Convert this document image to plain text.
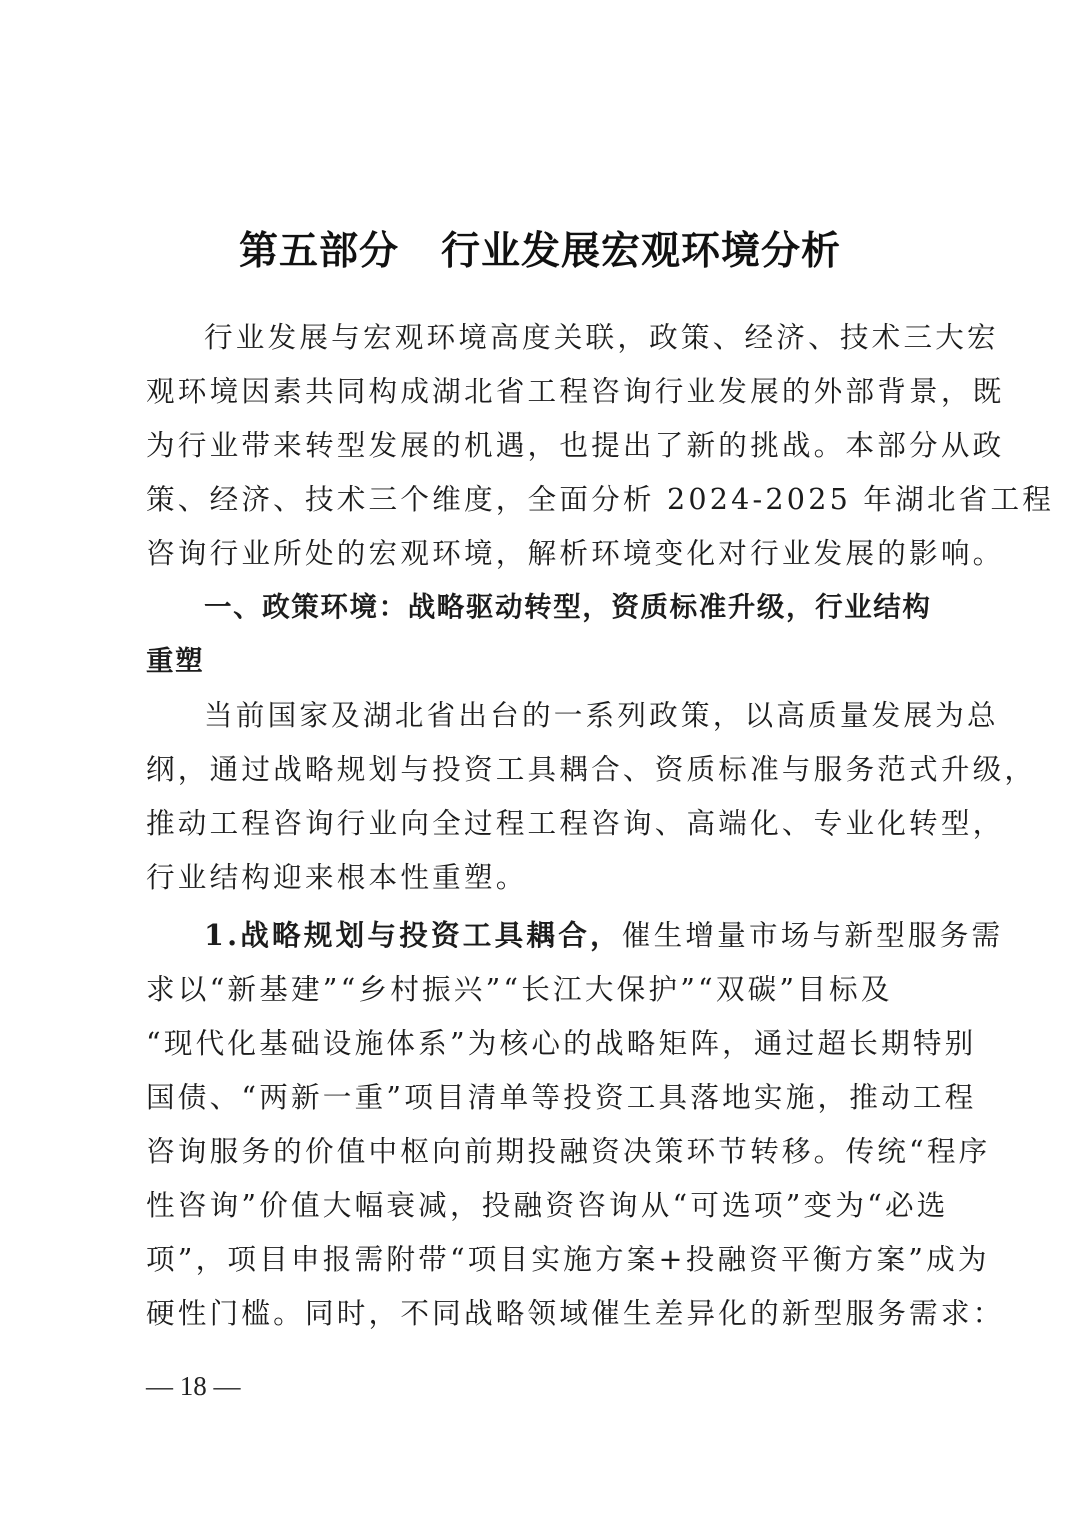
第五部分 行业发展宏观环境分析
行业发展与宏观环境高度关联，政策、经济、技术三大宏
观环境因素共同构成湖北省工程咨询行业发展的外部背景，既
为行业带来转型发展的机遇，也提出了新的挑战。本部分从政
策、经济、技术三个维度，全面分析 2024-2025 年湖北省工程
咨询行业所处的宏观环境，解析环境变化对行业发展的影响。
一、政策环境：战略驱动转型，资质标准升级，行业结构
重塑
当前国家及湖北省出台的一系列政策，以高质量发展为总
纲，通过战略规划与投资工具耦合、资质标准与服务范式升级，
推动工程咨询行业向全过程工程咨询、高端化、专业化转型，
行业结构迎来根本性重塑。
1.战略规划与投资工具耦合，催生增量市场与新型服务需
求以“新基建”“乡村振兴”“长江大保护”“双碳”目标及
“现代化基础设施体系”为核心的战略矩阵，通过超长期特别
国债、“两新一重”项目清单等投资工具落地实施，推动工程
咨询服务的价值中枢向前期投融资决策环节转移。传统“程序
性咨询”价值大幅衰减，投融资咨询从“可选项”变为“必选
项”，项目申报需附带“项目实施方案+投融资平衡方案”成为
硬性门槛。同时，不同战略领域催生差异化的新型服务需求：
— 18 —
